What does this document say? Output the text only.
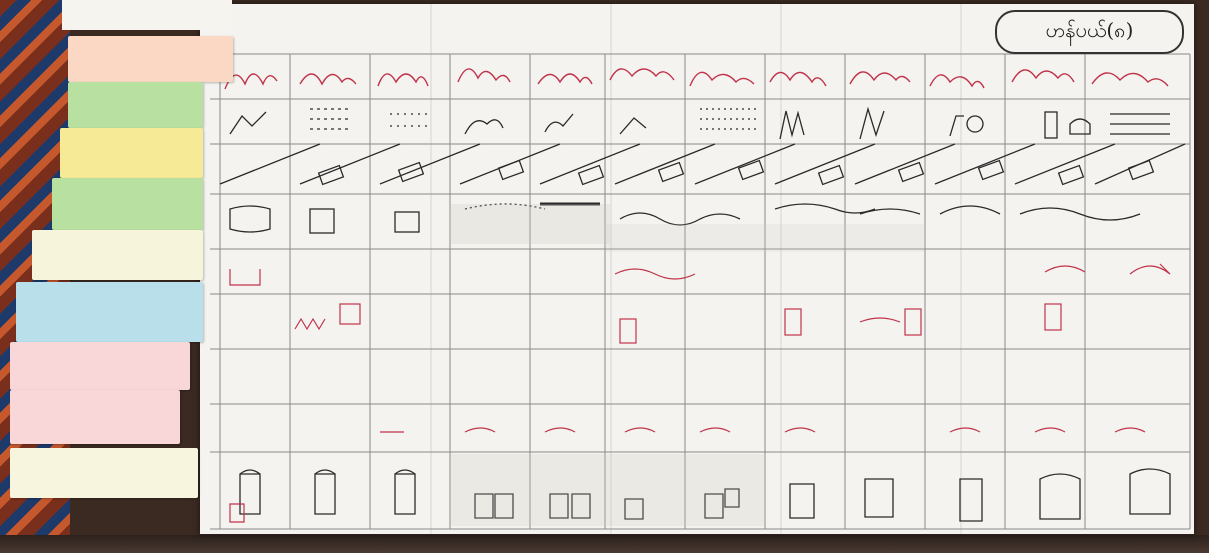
ဟန်ပယ်(၈)
